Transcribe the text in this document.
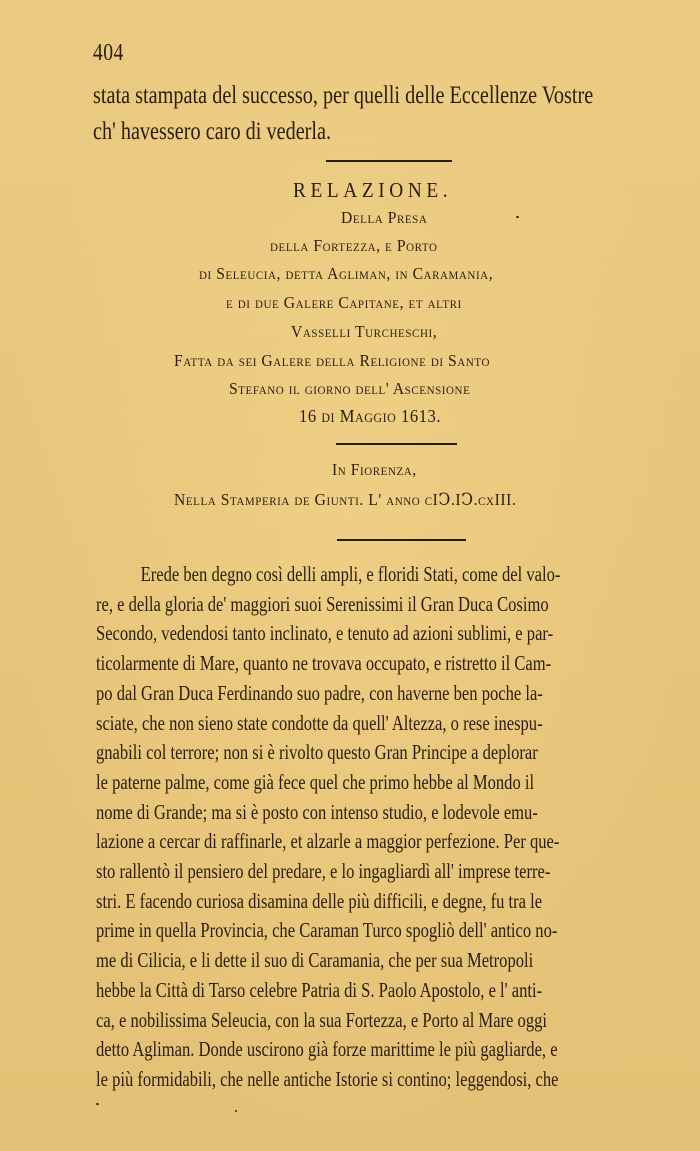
404
stata stampata del successo, per quelli delle Eccellenze Vostre
ch' havessero caro di vederla.
RELAZIONE.
Della Presa
della Fortezza, e Porto
di Seleucia, detta Agliman, in Caramania,
e di due Galere Capitane, et altri
Vasselli Turcheschi,
Fatta da sei Galere della Religione di Santo
Stefano il giorno dell' Ascensione
16 di Maggio 1613.
In Fiorenza,
Nella Stamperia de Giunti. L' anno cIↃ.IↃ.cxIII.
Erede ben degno così delli ampli, e floridi Stati, come del valo-
re, e della gloria de' maggiori suoi Serenissimi il Gran Duca Cosimo
Secondo, vedendosi tanto inclinato, e tenuto ad azioni sublimi, e par-
ticolarmente di Mare, quanto ne trovava occupato, e ristretto il Cam-
po dal Gran Duca Ferdinando suo padre, con haverne ben poche la-
sciate, che non sieno state condotte da quell' Altezza, o rese inespu-
gnabili col terrore; non si è rivolto questo Gran Principe a deplorar
le paterne palme, come già fece quel che primo hebbe al Mondo il
nome di Grande; ma si è posto con intenso studio, e lodevole emu-
lazione a cercar di raffinarle, et alzarle a maggior perfezione. Per que-
sto rallentò il pensiero del predare, e lo ingagliardì all' imprese terre-
stri. E facendo curiosa disamina delle più difficili, e degne, fu tra le
prime in quella Provincia, che Caraman Turco spogliò dell' antico no-
me di Cilicia, e li dette il suo di Caramania, che per sua Metropoli
hebbe la Città di Tarso celebre Patria di S. Paolo Apostolo, e l' anti-
ca, e nobilissima Seleucia, con la sua Fortezza, e Porto al Mare oggi
detto Agliman. Donde uscirono già forze marittime le più gagliarde, e
le più formidabili, che nelle antiche Istorie si contino; leggendosi, che
